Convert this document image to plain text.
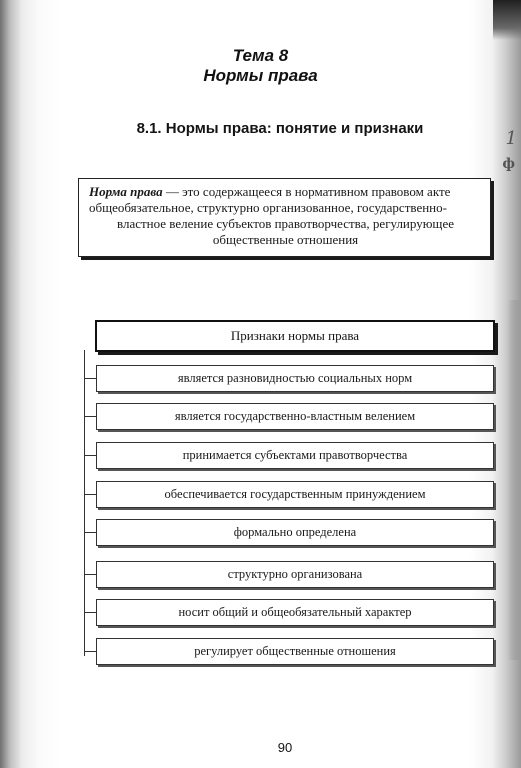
1
ф
Тема 8
Нормы права
8.1. Нормы права: понятие и признаки
Норма права — это содержащееся в нормативном правовом акте
общеобязательное, структурно организованное, государственно-
властное веление субъектов правотворчества, регулирующее
общественные отношения
Признаки нормы права
является разновидностью социальных норм
является государственно-властным велением
принимается субъектами правотворчества
обеспечивается государственным принуждением
формально определена
структурно организована
носит общий и общеобязательный характер
регулирует общественные отношения
90
